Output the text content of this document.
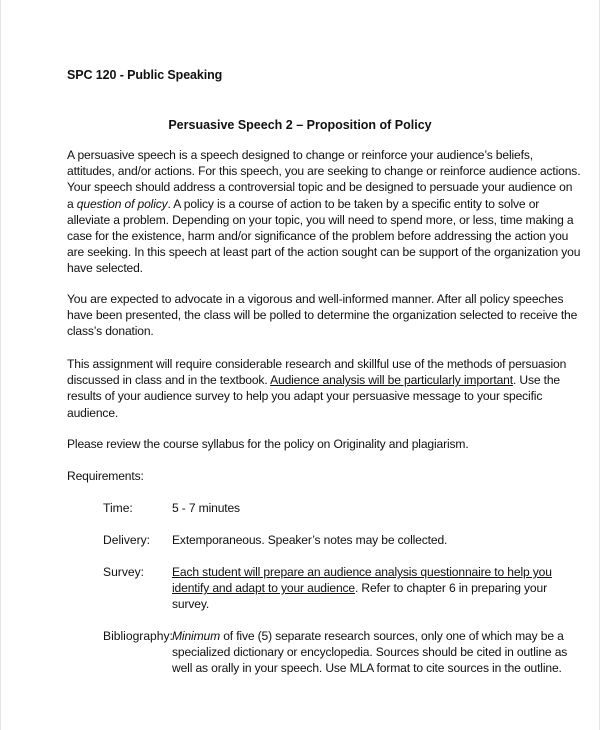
SPC 120 - Public Speaking
Persuasive Speech 2 – Proposition of Policy
A persuasive speech is a speech designed to change or reinforce your audience’s beliefs,
attitudes, and/or actions. For this speech, you are seeking to change or reinforce audience actions.
Your speech should address a controversial topic and be designed to persuade your audience on
a question of policy. A policy is a course of action to be taken by a specific entity to solve or
alleviate a problem. Depending on your topic, you will need to spend more, or less, time making a
case for the existence, harm and/or significance of the problem before addressing the action you
are seeking. In this speech at least part of the action sought can be support of the organization you
have selected.
You are expected to advocate in a vigorous and well-informed manner. After all policy speeches
have been presented, the class will be polled to determine the organization selected to receive the
class’s donation.
This assignment will require considerable research and skillful use of the methods of persuasion
discussed in class and in the textbook. Audience analysis will be particularly important. Use the
results of your audience survey to help you adapt your persuasive message to your specific
audience.
Please review the course syllabus for the policy on Originality and plagiarism.
Requirements:
Time:	5 - 7 minutes
Delivery: Extemporaneous. Speaker’s notes may be collected.
Survey: Each student will prepare an audience analysis questionnaire to help you
identify and adapt to your audience. Refer to chapter 6 in preparing your
survey.
Bibliography: Minimum of five (5) separate research sources, only one of which may be a
specialized dictionary or encyclopedia. Sources should be cited in outline as
well as orally in your speech. Use MLA format to cite sources in the outline.
